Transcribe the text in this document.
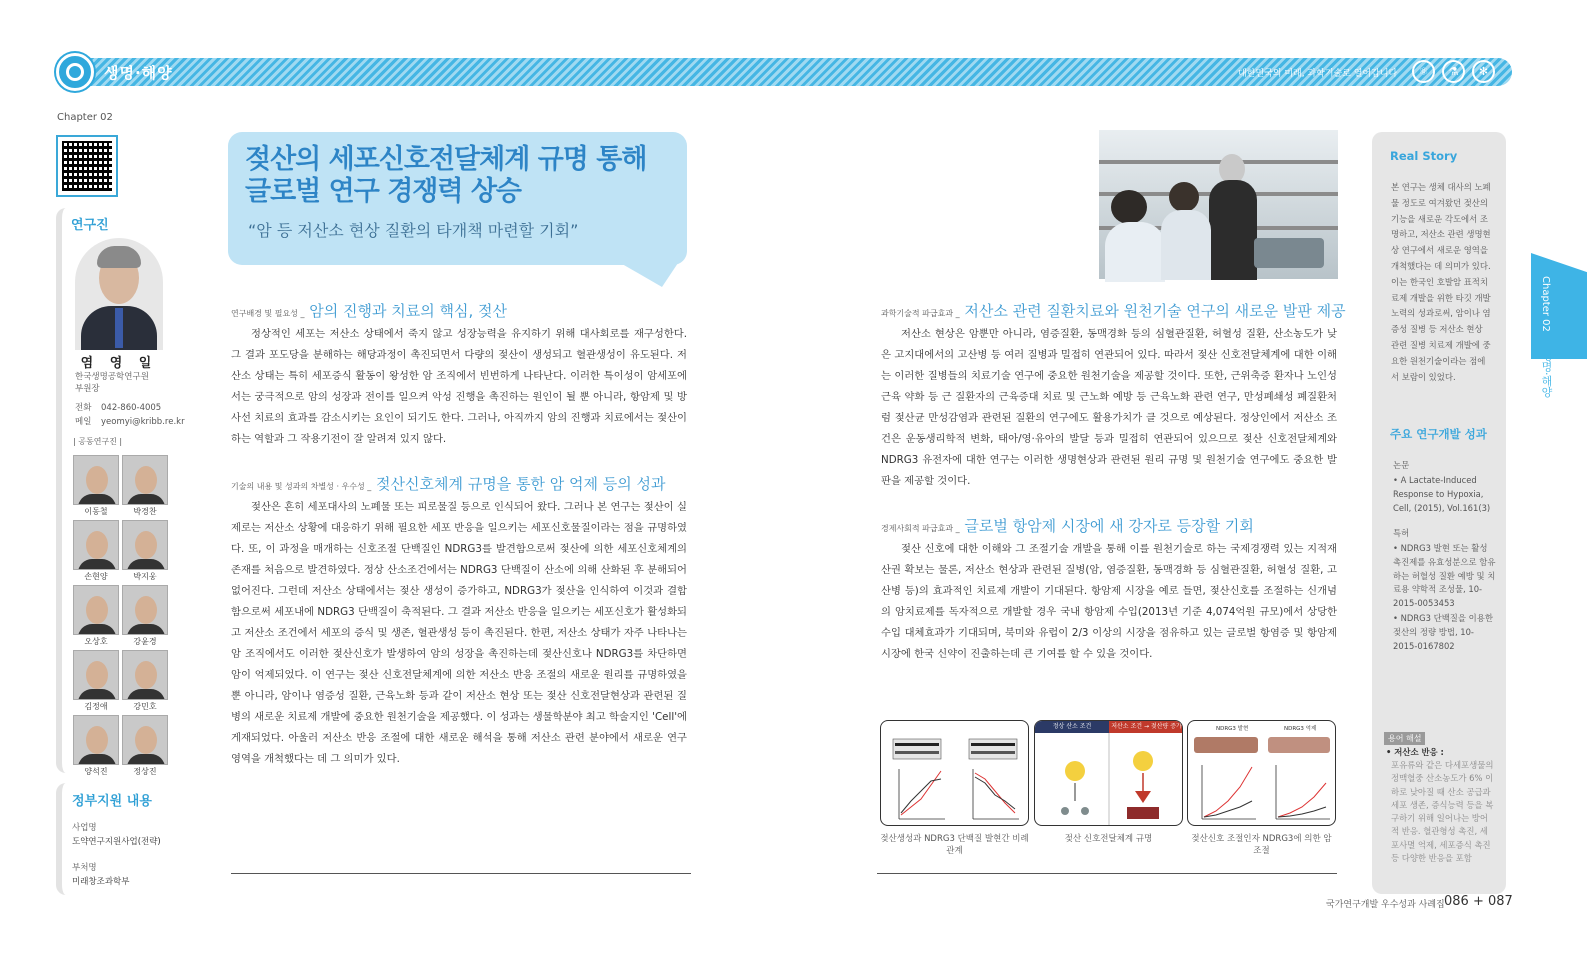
생명·해양	대한민국의 미래, 과학기술로 열어갑니다	⚛	⚗	✻
Chapter 02
연구진
염 영 일
한국생명공학연구원
부원장
전화 042-860-4005
메일 yeomyi@kribb.re.kr
| 공동연구진 |
이동철	박경찬
손현양	박지웅
오상호	강윤경
김정애	강민호
양석진	정상진
정부지원 내용
사업명
도약연구지원사업(전략)
부처명
미래창조과학부
젖산의 세포신호전달체계 규명 통해
글로벌 연구 경쟁력 상승
“암 등 저산소 현상 질환의 타개책 마련할 기회”
연구배경 및 필요성 _ 암의 진행과 치료의 핵심, 젖산
정상적인 세포는 저산소 상태에서 죽지 않고 성장능력을 유지하기 위해 대사회로를 재구성한다. 그 결과 포도당을 분해하는 해당과정이 촉진되면서 다량의 젖산이 생성되고 혈관생성이 유도된다. 저산소 상태는 특히 세포증식 활동이 왕성한 암 조직에서 빈번하게 나타난다. 이러한 특이성이 암세포에서는 궁극적으로 암의 성장과 전이를 일으켜 악성 진행을 촉진하는 원인이 될 뿐 아니라, 항암제 및 방사선 치료의 효과를 감소시키는 요인이 되기도 한다. 그러나, 아직까지 암의 진행과 치료에서는 젖산이 하는 역할과 그 작용기전이 잘 알려져 있지 않다.
기술의 내용 및 성과의 차별성 · 우수성 _ 젖산신호체계 규명을 통한 암 억제 등의 성과
젖산은 흔히 세포대사의 노폐물 또는 피로물질 등으로 인식되어 왔다. 그러나 본 연구는 젖산이 실제로는 저산소 상황에 대응하기 위해 필요한 세포 반응을 일으키는 세포신호물질이라는 점을 규명하였다. 또, 이 과정을 매개하는 신호조절 단백질인 NDRG3를 발견함으로써 젖산에 의한 세포신호체계의 존재를 처음으로 발견하였다. 정상 산소조건에서는 NDRG3 단백질이 산소에 의해 산화된 후 분해되어 없어진다. 그런데 저산소 상태에서는 젖산 생성이 증가하고, NDRG3가 젖산을 인식하여 이것과 결합함으로써 세포내에 NDRG3 단백질이 축적된다. 그 결과 저산소 반응을 일으키는 세포신호가 활성화되고 저산소 조건에서 세포의 증식 및 생존, 혈관생성 등이 촉진된다. 한편, 저산소 상태가 자주 나타나는 암 조직에서도 이러한 젖산신호가 발생하여 암의 성장을 촉진하는데 젖산신호나 NDRG3를 차단하면 암이 억제되었다. 이 연구는 젖산 신호전달체계에 의한 저산소 반응 조절의 새로운 원리를 규명하였을 뿐 아니라, 암이나 염증성 질환, 근육노화 등과 같이 저산소 현상 또는 젖산 신호전달현상과 관련된 질병의 새로운 치료제 개발에 중요한 원천기술을 제공했다. 이 성과는 생물학분야 최고 학술지인 'Cell'에 게재되었다. 아울러 저산소 반응 조절에 대한 새로운 해석을 통해 저산소 관련 분야에서 새로운 연구 영역을 개척했다는 데 그 의미가 있다.
과학기술적 파급효과 _ 저산소 관련 질환치료와 원천기술 연구의 새로운 발판 제공
저산소 현상은 암뿐만 아니라, 염증질환, 동맥경화 등의 심혈관질환, 허혈성 질환, 산소농도가 낮은 고지대에서의 고산병 등 여러 질병과 밀접히 연관되어 있다. 따라서 젖산 신호전달체계에 대한 이해는 이러한 질병들의 치료기술 연구에 중요한 원천기술을 제공할 것이다. 또한, 근위축증 환자나 노인성 근육 약화 등 근 질환자의 근육증대 치료 및 근노화 예방 등 근육노화 관련 연구, 만성폐쇄성 폐질환처럼 젖산균 만성감염과 관련된 질환의 연구에도 활용가치가 클 것으로 예상된다. 정상인에서 저산소 조건은 운동생리학적 변화, 태아/영·유아의 발달 등과 밀접히 연관되어 있으므로 젖산 신호전달체계와 NDRG3 유전자에 대한 연구는 이러한 생명현상과 관련된 원리 규명 및 원천기술 연구에도 중요한 발판을 제공할 것이다.
경제사회적 파급효과 _ 글로벌 항암제 시장에 새 강자로 등장할 기회
젖산 신호에 대한 이해와 그 조절기술 개발을 통해 이를 원천기술로 하는 국제경쟁력 있는 지적재산권 확보는 물론, 저산소 현상과 관련된 질병(암, 염증질환, 동맥경화 등 심혈관질환, 허혈성 질환, 고산병 등)의 효과적인 치료제 개발이 기대된다. 항암제 시장을 예로 들면, 젖산신호를 조절하는 신개념의 암치료제를 독자적으로 개발할 경우 국내 항암제 수입(2013년 기준 4,074억원 규모)에서 상당한 수입 대체효과가 기대되며, 북미와 유럽이 2/3 이상의 시장을 점유하고 있는 글로벌 항염증 및 항암제 시장에 한국 신약이 진출하는데 큰 기여를 할 수 있을 것이다.
정상 산소 조건	저산소 조건 → 젖산량 증가	NDRG3 발현	NDRG3 억제
젖산생성과 NDRG3 단백질 발현간 비례관계
젖산 신호전달체계 규명	젖산신호 조절인자 NDRG3에 의한 암 조절
Real Story
본 연구는 생체 대사의 노폐물 정도로 여겨왔던 젖산의 기능을 새로운 각도에서 조명하고, 저산소 관련 생명현상 연구에서 새로운 영역을 개척했다는 데 의미가 있다. 이는 한국인 호발암 표적치료제 개발을 위한 타깃 개발 노력의 성과로써, 암이나 염증성 질병 등 저산소 현상 관련 질병 치료제 개발에 중요한 원천기술이라는 점에서 보람이 있었다.
주요 연구개발 성과
논문
• A Lactate-Induced Response to Hypoxia, Cell, (2015), Vol.161(3)
특허
• NDRG3 발현 또는 활성 촉진제를 유효성분으로 함유하는 허혈성 질환 예방 및 치료용 약학적 조성물, 10-2015-0053453
• NDRG3 단백질을 이용한 젖산의 정량 방법, 10-2015-0167802
용어 해설
• 저산소 반응 :
포유류와 같은 다세포생물의 정맥혈중 산소농도가 6% 이하로 낮아질 때 산소 공급과 세포 생존, 증식능력 등을 복구하기 위해 일어나는 방어적 반응. 혈관형성 촉진, 세포사멸 억제, 세포증식 촉진 등 다양한 반응을 포함
Chapter 02
생명·해양
국가연구개발 우수성과 사례집 086 + 087
